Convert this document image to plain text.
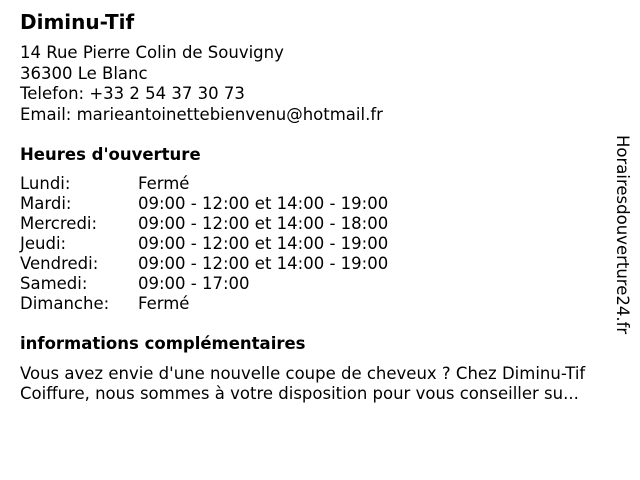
Diminu-Tif
14 Rue Pierre Colin de Souvigny
36300 Le Blanc
Telefon: +33 2 54 37 30 73
Email: marieantoinettebienvenu@hotmail.fr
Heures d'ouverture
Lundi:	Fermé
Mardi:	09:00 - 12:00 et 14:00 - 19:00
Mercredi: 09:00 - 12:00 et 14:00 - 18:00
Jeudi:	09:00 - 12:00 et 14:00 - 19:00
Vendredi: 09:00 - 12:00 et 14:00 - 19:00
Samedi:	09:00 - 17:00
Dimanche: Fermé
informations complémentaires
Vous avez envie d'une nouvelle coupe de cheveux ? Chez Diminu-Tif
Coiffure, nous sommes à votre disposition pour vous conseiller su...
Horairesdouverture24.fr
